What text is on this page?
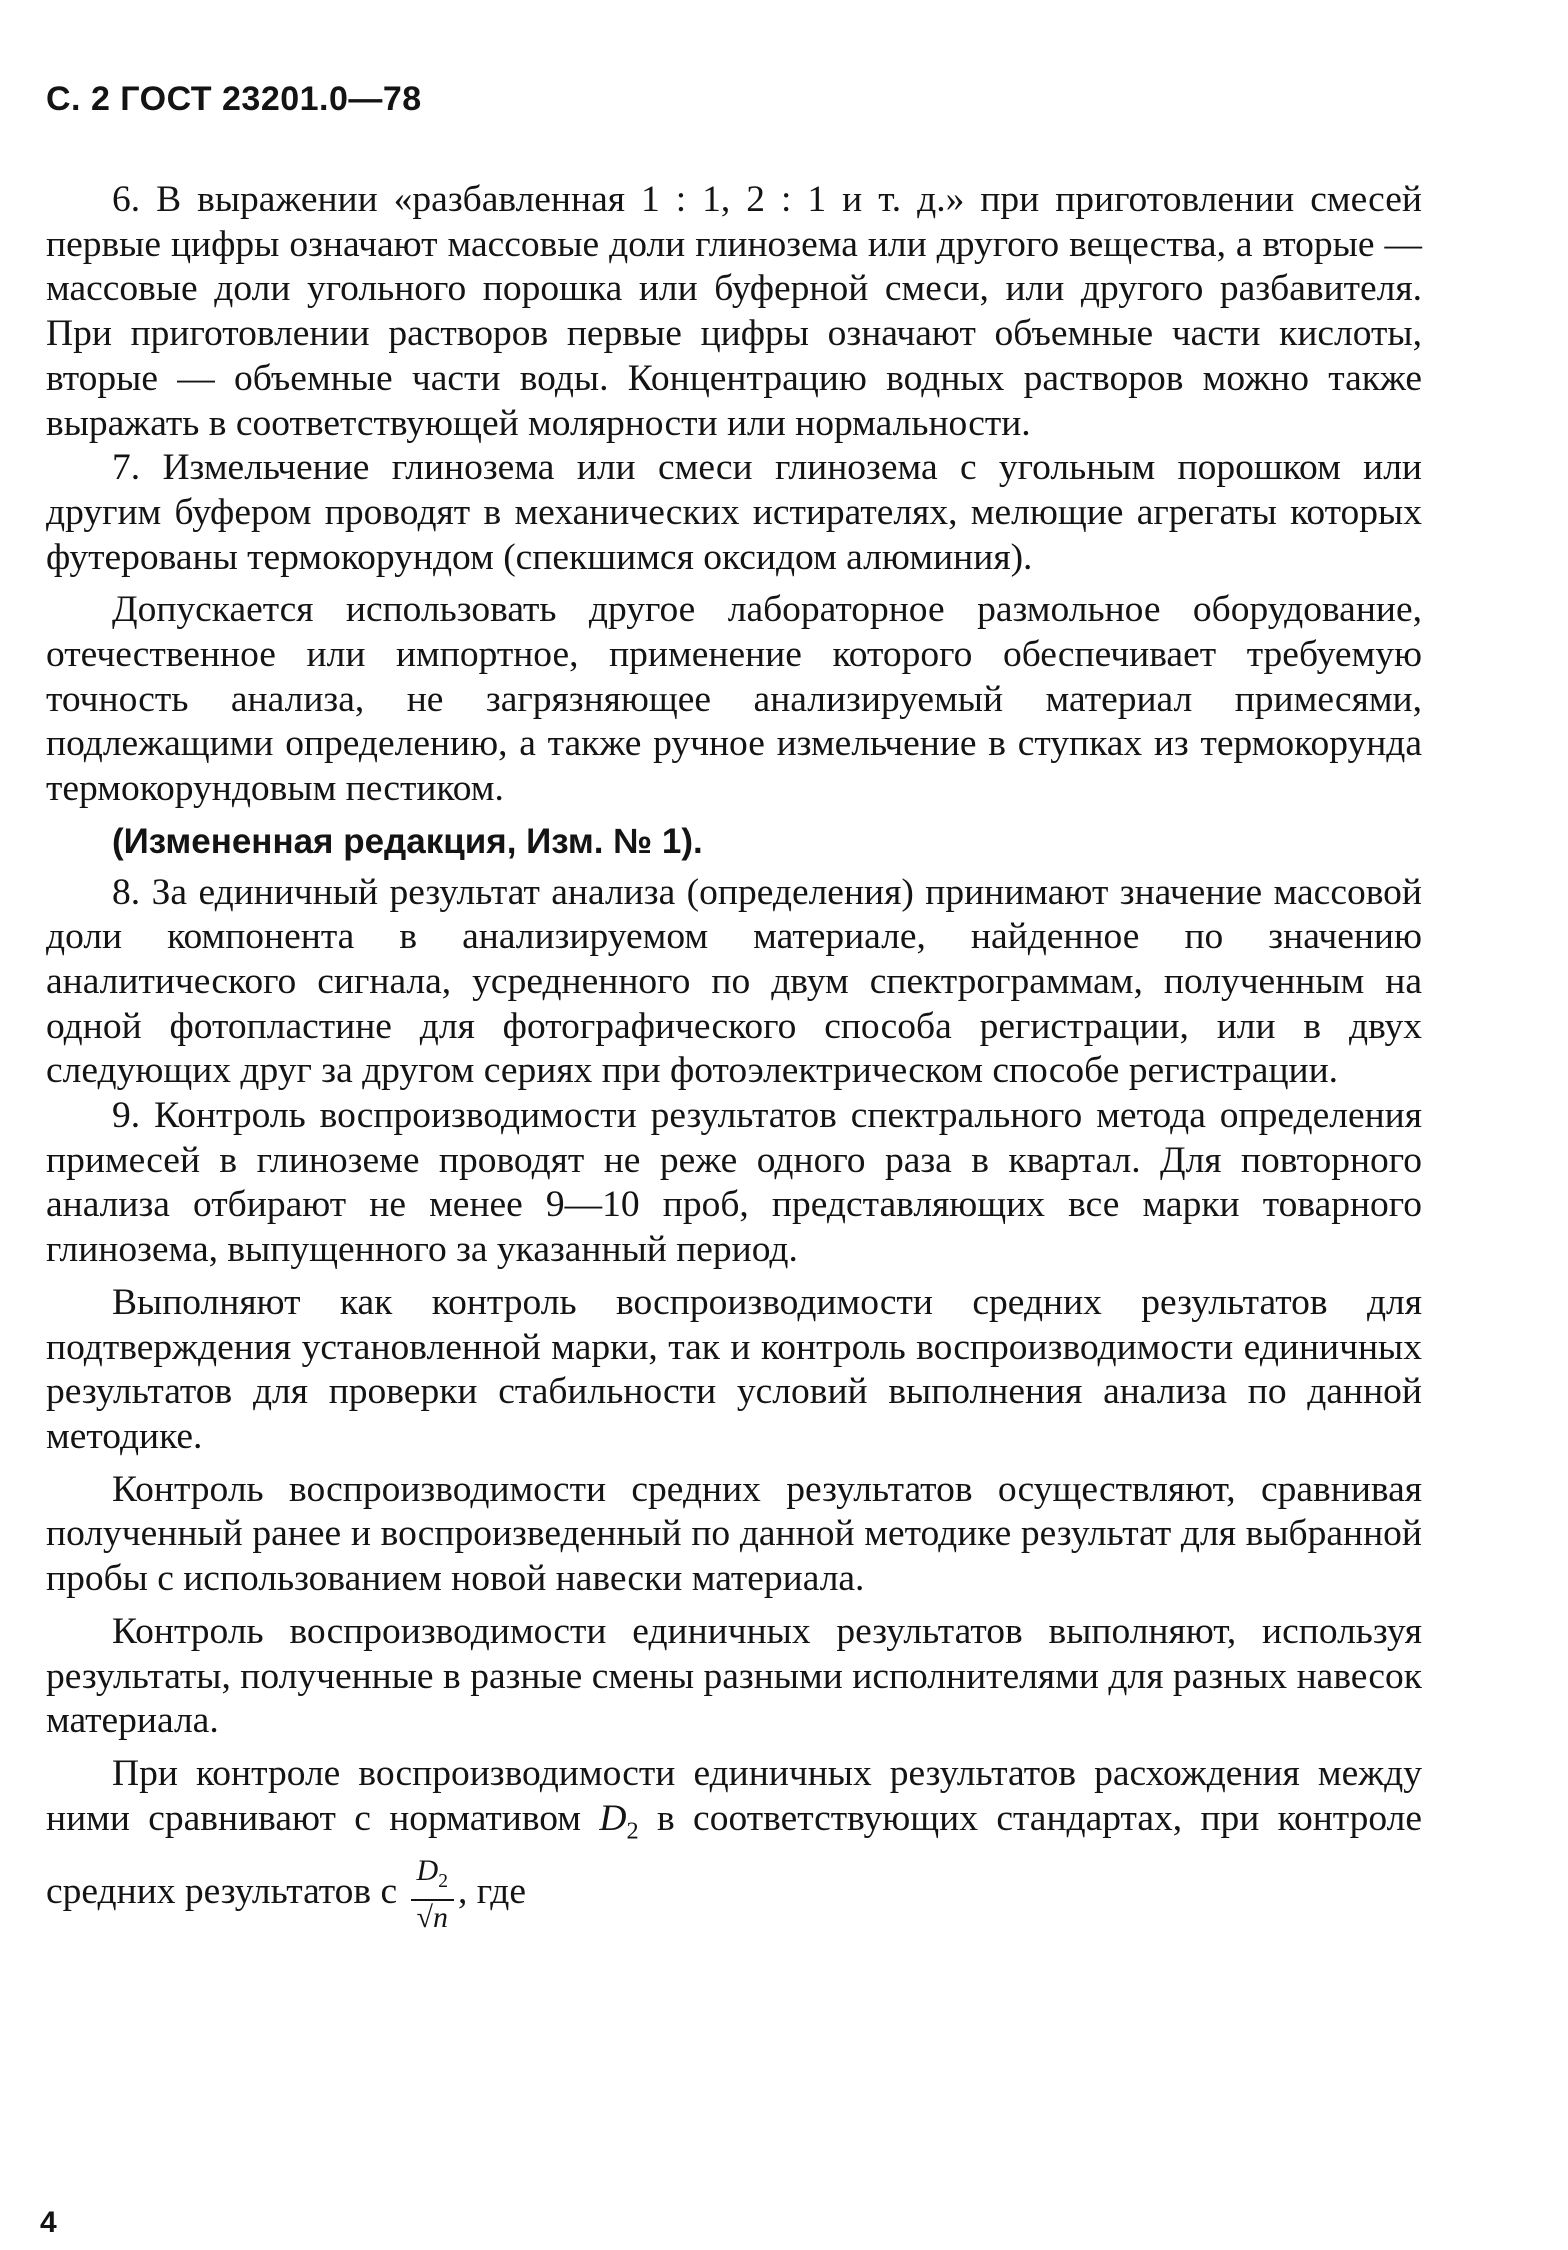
С. 2 ГОСТ 23201.0—78

6. В выражении «разбавленная 1 : 1, 2 : 1 и т. д.» при приготовлении смесей первые цифры означают массовые доли глинозема или другого вещества, а вторые — массовые доли угольного порошка или буферной смеси, или другого разбавителя. При приготовлении растворов первые цифры означают объемные части кислоты, вторые — объемные части воды. Концентрацию водных растворов можно также выражать в соответствующей молярности или нормальности.

7. Измельчение глинозема или смеси глинозема с угольным порошком или другим буфером проводят в механических истирателях, мелющие агрегаты которых футерованы термокорундом (спекшимся оксидом алюминия).

Допускается использовать другое лабораторное размольное оборудование, отечественное или импортное, применение которого обеспечивает требуемую точность анализа, не загрязняющее анализируемый материал примесями, подлежащими определению, а также ручное измельчение в ступках из термокорунда термокорундовым пестиком.

(Измененная редакция, Изм. № 1).

8. За единичный результат анализа (определения) принимают значение массовой доли компонента в анализируемом материале, найденное по значению аналитического сигнала, усредненного по двум спектрограммам, полученным на одной фотопластине для фотографического способа регистрации, или в двух следующих друг за другом сериях при фотоэлектрическом способе регистрации.

9. Контроль воспроизводимости результатов спектрального метода определения примесей в глиноземе проводят не реже одного раза в квартал. Для повторного анализа отбирают не менее 9—10 проб, представляющих все марки товарного глинозема, выпущенного за указанный период.

Выполняют как контроль воспроизводимости средних результатов для подтверждения установленной марки, так и контроль воспроизводимости единичных результатов для проверки стабильности условий выполнения анализа по данной методике.

Контроль воспроизводимости средних результатов осуществляют, сравнивая полученный ранее и воспроизведенный по данной методике результат для выбранной пробы с использованием новой навески материала.

Контроль воспроизводимости единичных результатов выполняют, используя результаты, полученные в разные смены разными исполнителями для разных навесок материала.

При контроле воспроизводимости единичных результатов расхождения между ними сравнивают с нормативом $D_2$ в соответствующих стандартах, при контроле средних результатов с $\frac{D_2}{√n}$ , где

4
